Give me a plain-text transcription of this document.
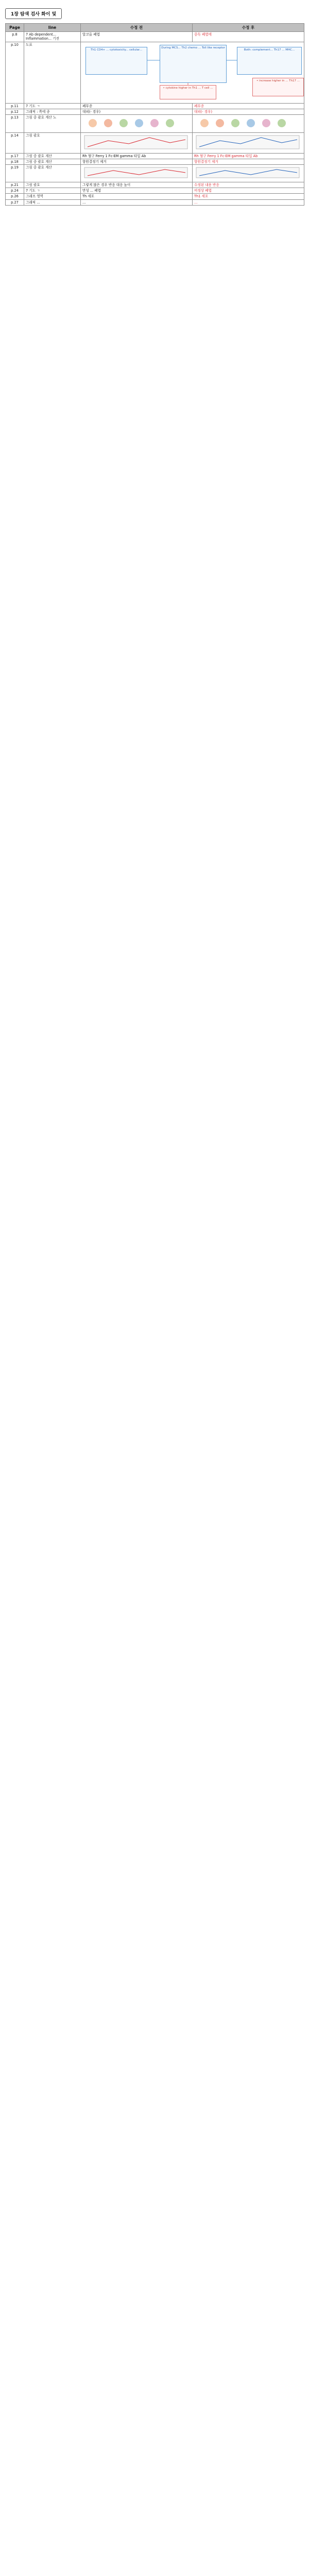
1장 탐색 검사 화이 및
Page	line	수정 전	수정 후
p.8	7 Ab dependent... Inflammation... 기전	알코올 폐엽	중독 폐엽에
p.10	도표	Th1 CD4+ ... cytotoxicity... cellular...
During MCS... Th2 chemo ... Toll like receptor
Both: complement... Th17 ... MHC...
• cytokine higher in Th1 ... T cell ...
• increase higher in ... Th17 ...	

p.11	7 기도 ㄱ	폐부종	폐부종
p.12	그래픽 : 쪽에 종	대피(- 경우)	대피(- 경우)
p.13	그림 중 괄호 계산 노		
p.14	그림 괄호		
p.17	그림 중 괄호 계산	Rh 혈구 Ferry 1 Fc-EM gamma 타입 Ab	Rh 혈구 Ferry 1 Fc-EM gamma 타입 Ab
p.18	그림 중 괄호 계산	항원결정기 제거	항원결정기 제거
p.19	그림 중 괄호 계산		
p.21	그림 괄호	그렇게 많은 경우 반응 대응 높이	수정된 내용 반응
p.24	7 기도 ㄱ	만성 ... 폐엽	비정상 폐엽
p.26	그래프 영역	Th 세포	Th1 세포
p.27	그래픽 ...	...	...
